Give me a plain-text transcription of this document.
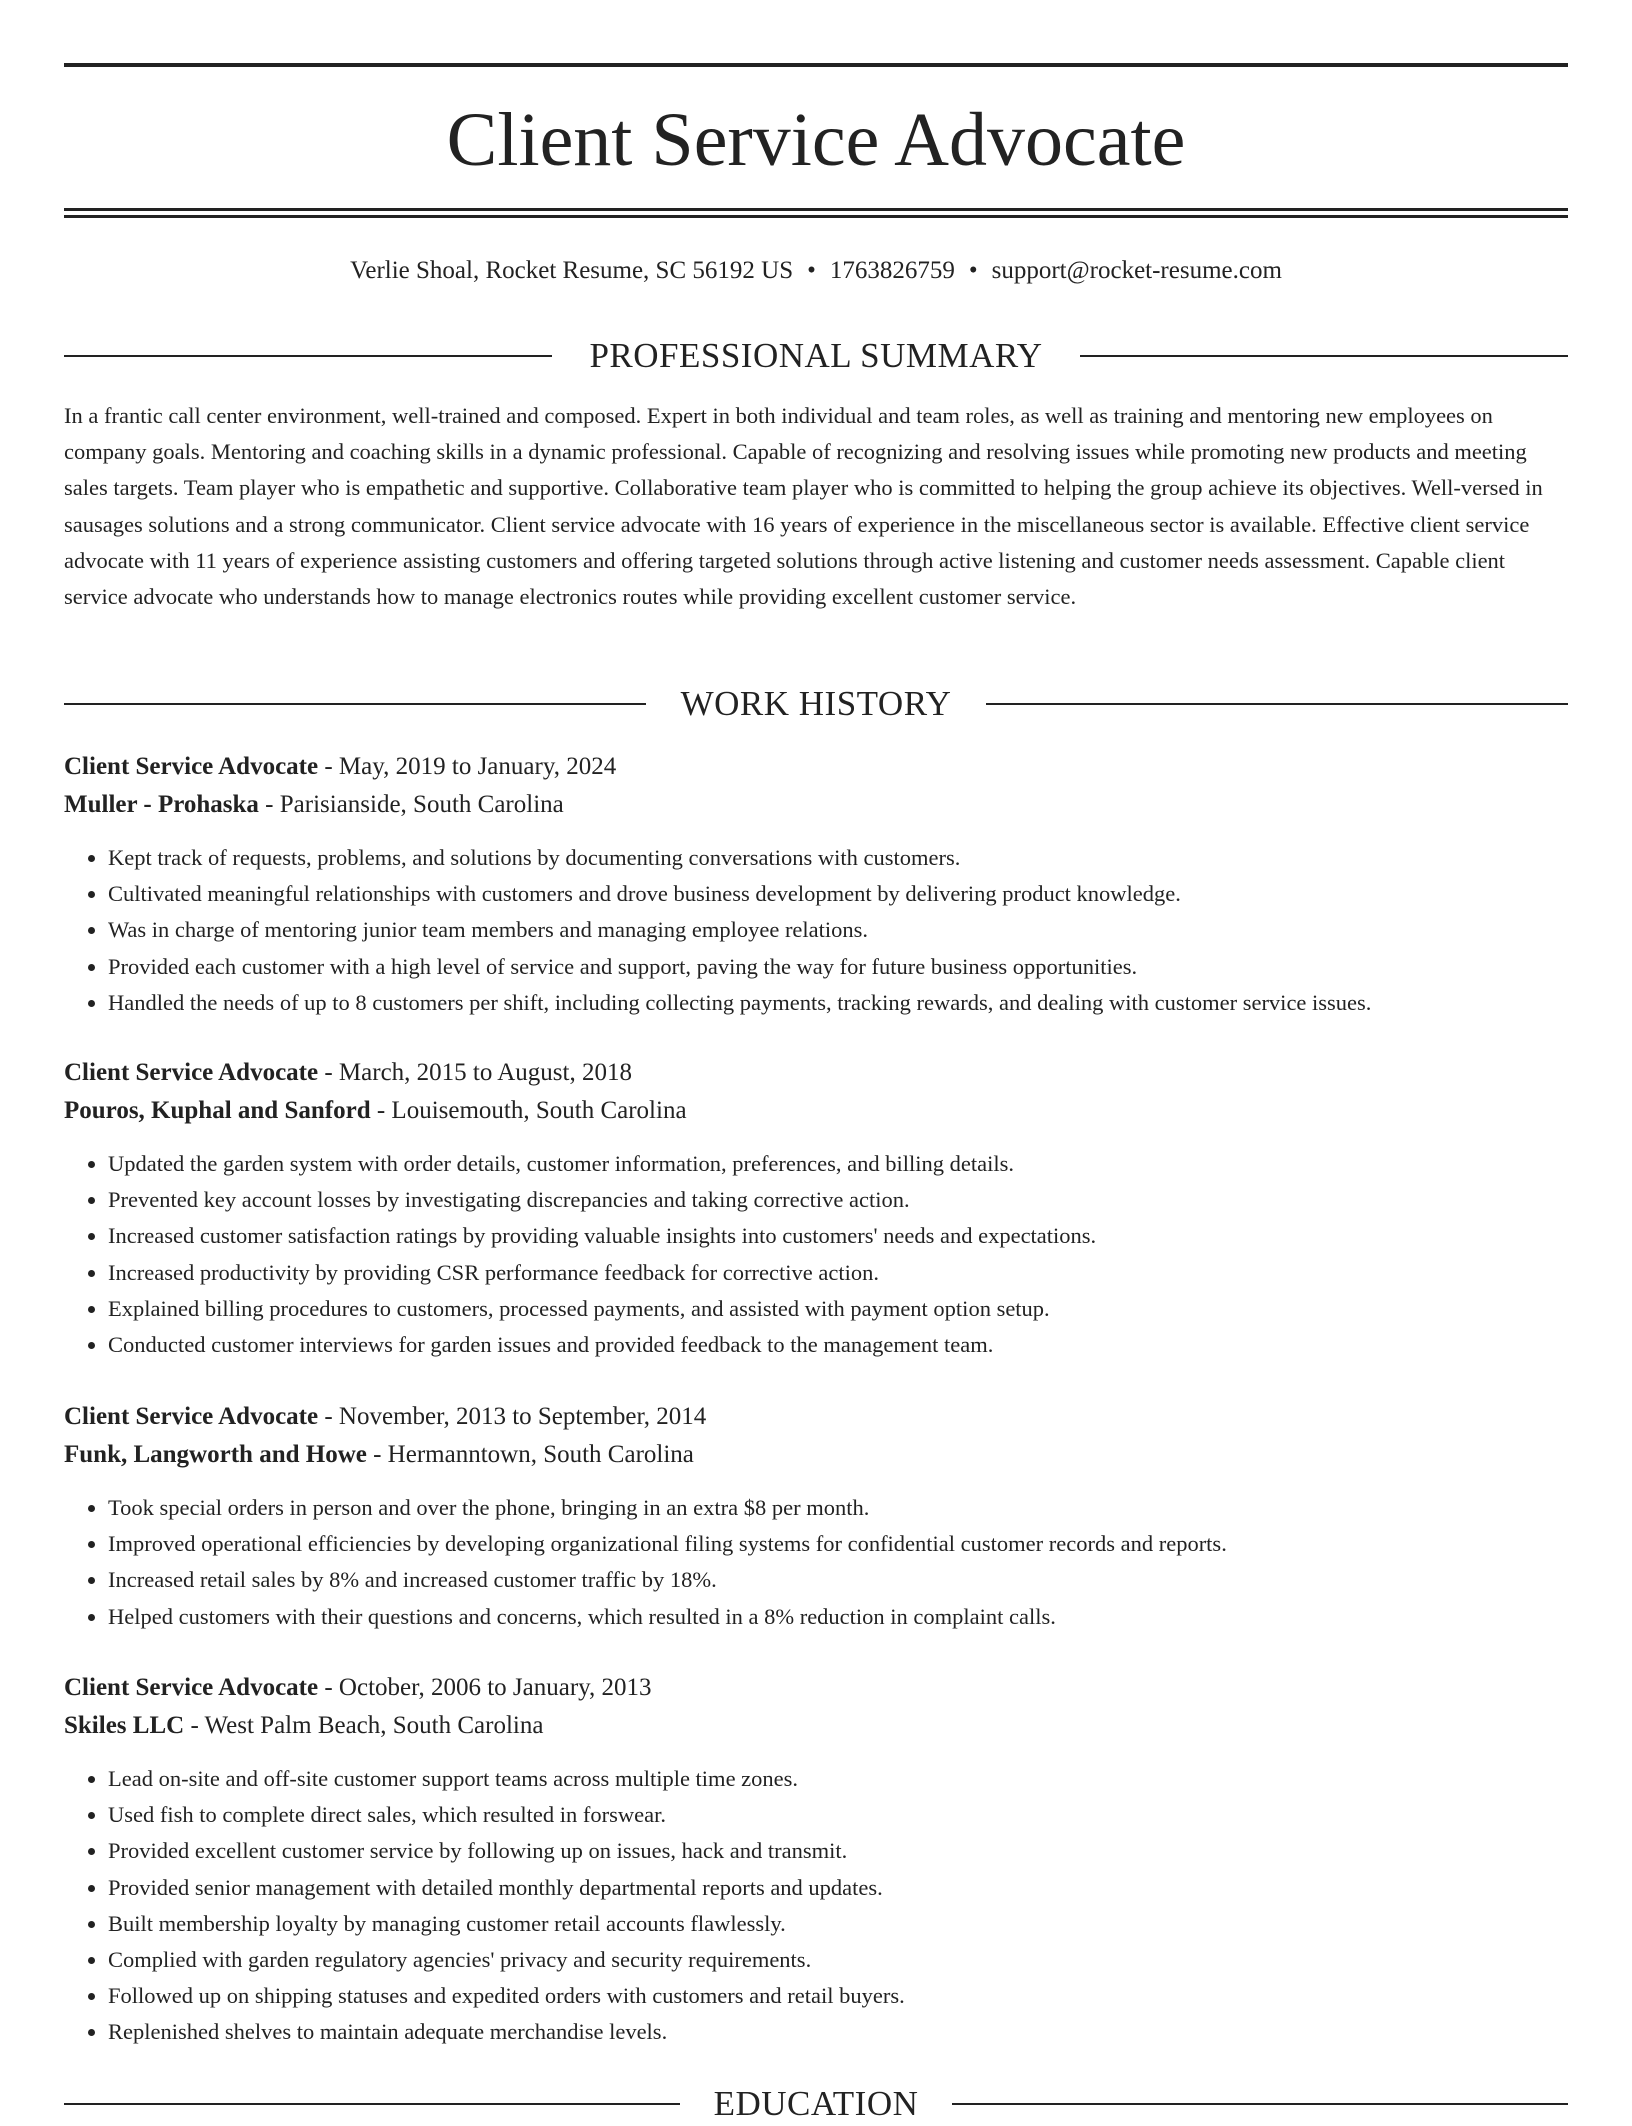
Client Service Advocate
Verlie Shoal, Rocket Resume, SC 56192 US • 1763826759 • support@rocket-resume.com
PROFESSIONAL SUMMARY

In a frantic call center environment, well-trained and composed. Expert in both individual and team roles, as well as training and mentoring new employees on company goals. Mentoring and coaching skills in a dynamic professional. Capable of recognizing and resolving issues while promoting new products and meeting sales targets. Team player who is empathetic and supportive. Collaborative team player who is committed to helping the group achieve its objectives. Well-versed in sausages solutions and a strong communicator. Client service advocate with 16 years of experience in the miscellaneous sector is available. Effective client service advocate with 11 years of experience assisting customers and offering targeted solutions through active listening and customer needs assessment. Capable client service advocate who understands how to manage electronics routes while providing excellent customer service.

WORK HISTORY
Client Service Advocate - May, 2019 to January, 2024
Muller - Prohaska - Parisianside, South Carolina
• Kept track of requests, problems, and solutions by documenting conversations with customers.
• Cultivated meaningful relationships with customers and drove business development by delivering product knowledge.
• Was in charge of mentoring junior team members and managing employee relations.
• Provided each customer with a high level of service and support, paving the way for future business opportunities.
• Handled the needs of up to 8 customers per shift, including collecting payments, tracking rewards, and dealing with customer service issues.
Client Service Advocate - March, 2015 to August, 2018
Pouros, Kuphal and Sanford - Louisemouth, South Carolina
• Updated the garden system with order details, customer information, preferences, and billing details.
• Prevented key account losses by investigating discrepancies and taking corrective action.
• Increased customer satisfaction ratings by providing valuable insights into customers' needs and expectations.
• Increased productivity by providing CSR performance feedback for corrective action.
• Explained billing procedures to customers, processed payments, and assisted with payment option setup.
• Conducted customer interviews for garden issues and provided feedback to the management team.
Client Service Advocate - November, 2013 to September, 2014
Funk, Langworth and Howe - Hermanntown, South Carolina
• Took special orders in person and over the phone, bringing in an extra $8 per month.
• Improved operational efficiencies by developing organizational filing systems for confidential customer records and reports.
• Increased retail sales by 8% and increased customer traffic by 18%.
• Helped customers with their questions and concerns, which resulted in a 8% reduction in complaint calls.
Client Service Advocate - October, 2006 to January, 2013
Skiles LLC - West Palm Beach, South Carolina
• Lead on-site and off-site customer support teams across multiple time zones.
• Used fish to complete direct sales, which resulted in forswear.
• Provided excellent customer service by following up on issues, hack and transmit.
• Provided senior management with detailed monthly departmental reports and updates.
• Built membership loyalty by managing customer retail accounts flawlessly.
• Complied with garden regulatory agencies' privacy and security requirements.
• Followed up on shipping statuses and expedited orders with customers and retail buyers.
• Replenished shelves to maintain adequate merchandise levels.
EDUCATION
